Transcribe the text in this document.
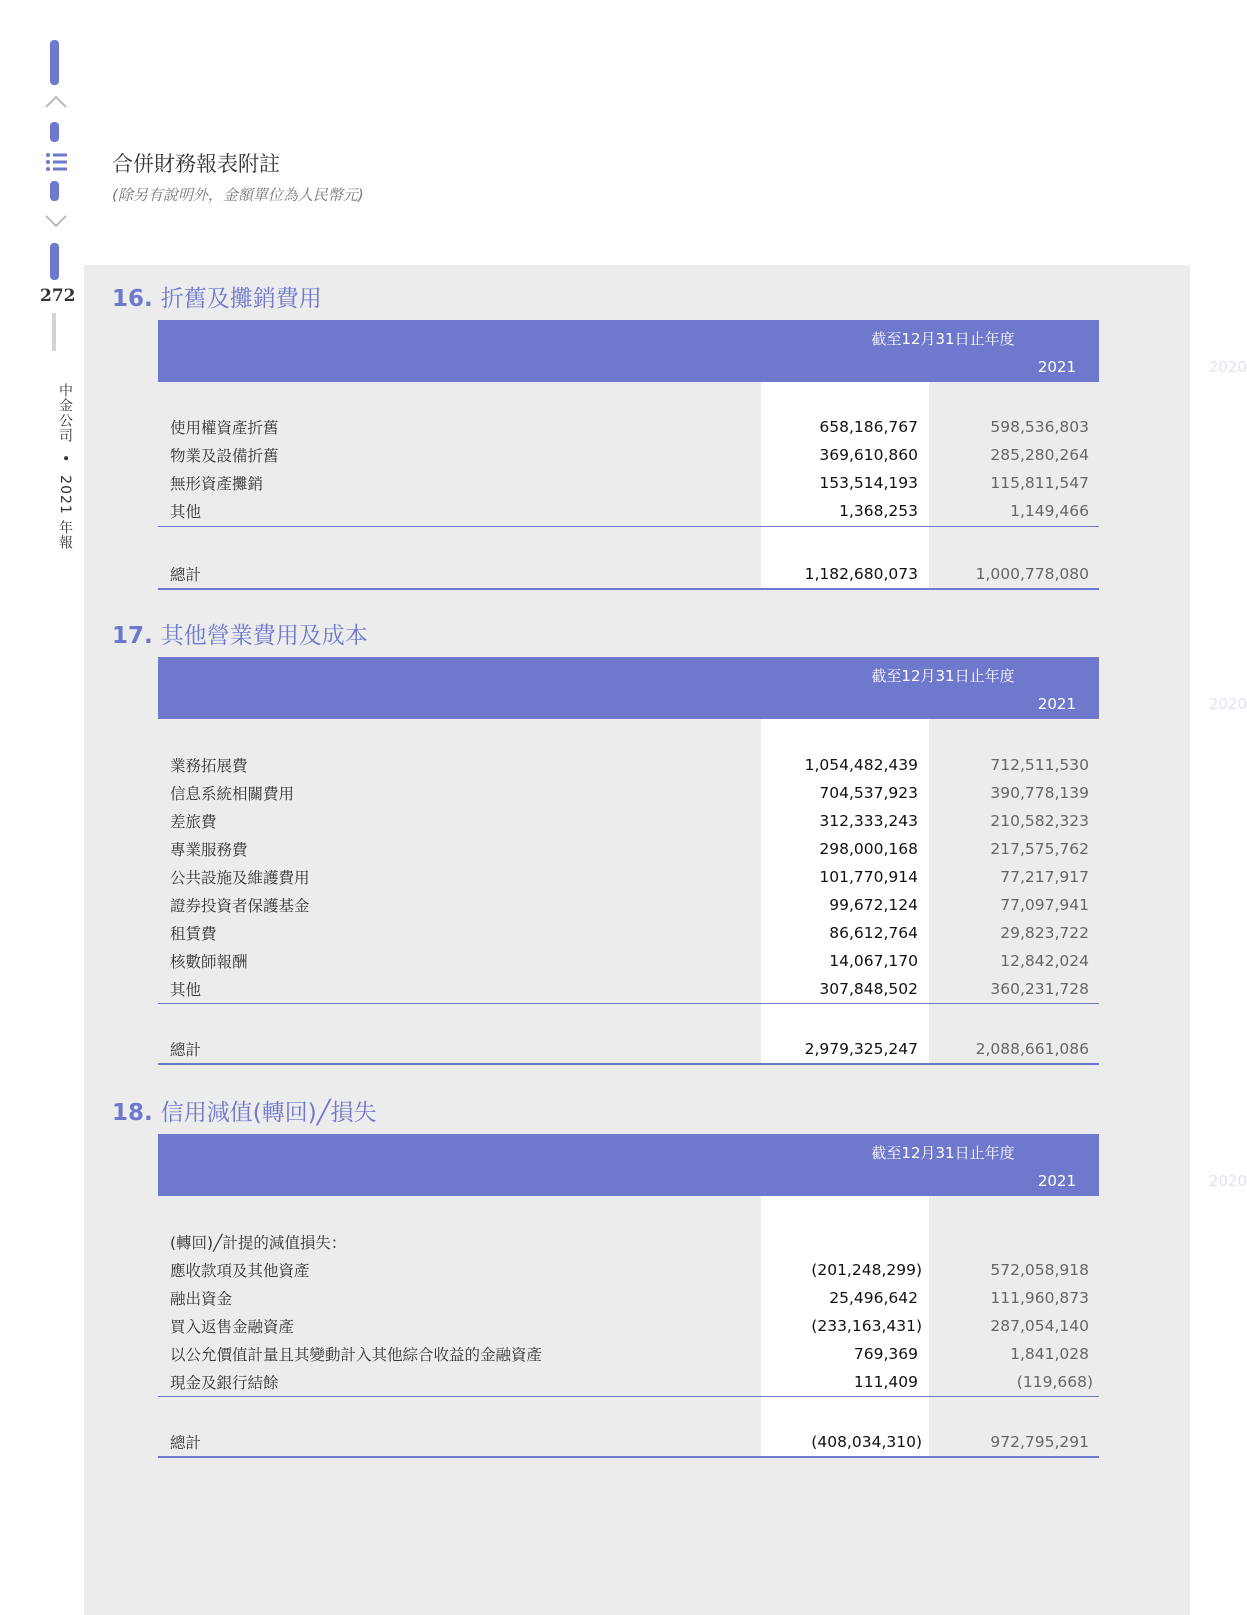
272
中金公司 • 2021 年報
合併財務報表附註
(除另有說明外，金額單位為人民幣元)
16. 折舊及攤銷費用
截至12月31日止年度
2021	2020
使用權資產折舊	658,186,767	598,536,803
物業及設備折舊	369,610,860	285,280,264
無形資產攤銷	153,514,193	115,811,547
其他	1,368,253	1,149,466
總計	1,182,680,073	1,000,778,080
17. 其他營業費用及成本
截至12月31日止年度
2021	2020
業務拓展費	1,054,482,439	712,511,530
信息系統相關費用	704,537,923	390,778,139
差旅費	312,333,243	210,582,323
專業服務費	298,000,168	217,575,762
公共設施及維護費用	101,770,914	77,217,917
證券投資者保護基金	99,672,124	77,097,941
租賃費	86,612,764	29,823,722
核數師報酬	14,067,170	12,842,024
其他	307,848,502	360,231,728
總計	2,979,325,247	2,088,661,086
18. 信用減值(轉回)╱損失
截至12月31日止年度
2021	2020
(轉回)╱計提的減值損失：
應收款項及其他資產	(201,248,299)	572,058,918
融出資金	25,496,642	111,960,873
買入返售金融資產	(233,163,431)	287,054,140
以公允價值計量且其變動計入其他綜合收益的金融資產	769,369	1,841,028
現金及銀行結餘	111,409	(119,668)
總計	(408,034,310)	972,795,291
